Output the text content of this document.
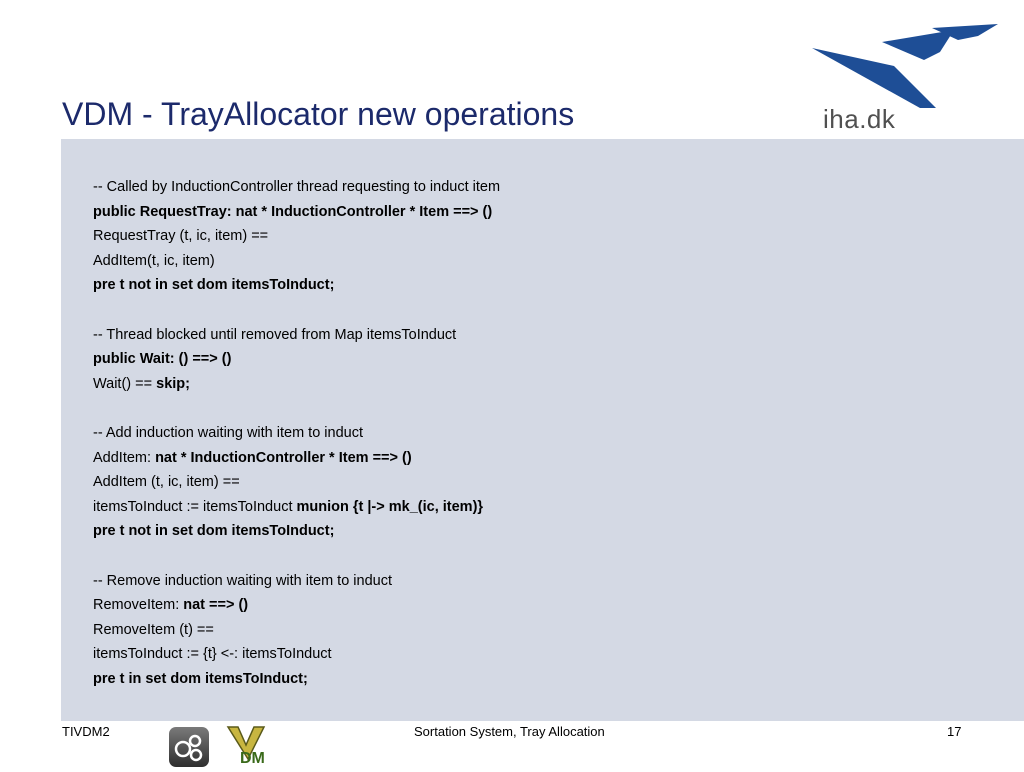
VDM - TrayAllocator new operations	iha.dk
-- Called by InductionController thread requesting to induct item
public RequestTray: nat * InductionController * Item ==> ()
RequestTray (t, ic, item) ==
AddItem(t, ic, item)
pre t not in set dom itemsToInduct;
-- Thread blocked until removed from Map itemsToInduct
public Wait: () ==> ()
Wait() == skip;
-- Add induction waiting with item to induct
AddItem: nat * InductionController * Item ==> ()
AddItem (t, ic, item) ==
itemsToInduct := itemsToInduct munion {t |-> mk_(ic, item)}
pre t not in set dom itemsToInduct;
-- Remove induction waiting with item to induct
RemoveItem: nat ==> ()
RemoveItem (t) ==
itemsToInduct := {t} <-: itemsToInduct
pre t in set dom itemsToInduct;
TIVDM2
DM
Sortation System, Tray Allocation	17
